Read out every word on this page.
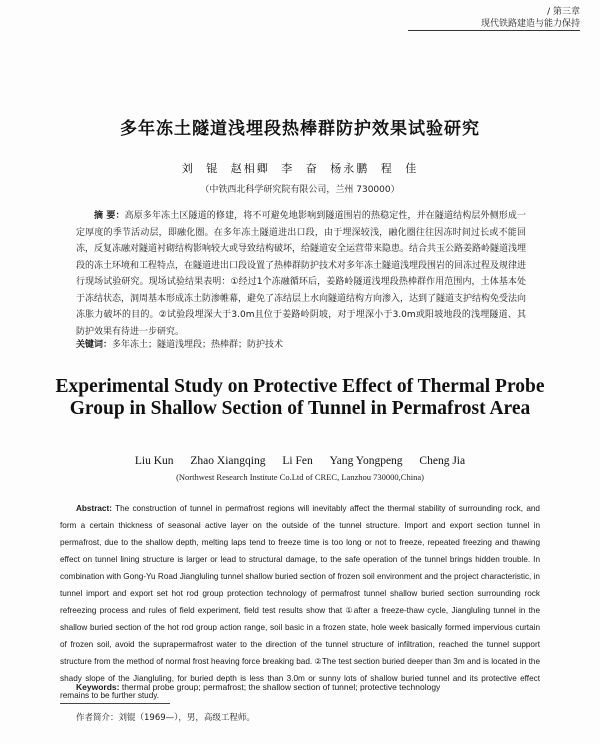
/ 第三章
现代铁路建造与能力保持
多年冻土隧道浅埋段热棒群防护效果试验研究
刘 锟 赵相卿 李 奋 杨永鹏 程 佳
（中铁西北科学研究院有限公司，兰州 730000）
摘 要：高原多年冻土区隧道的修建，将不可避免地影响到隧道围岩的热稳定性，并在隧道结构层外侧形成一定厚度的季节活动层，即融化圈。在多年冻土隧道进出口段，由于埋深较浅，融化圈往往因冻时间过长或不能回冻，反复冻融对隧道衬砌结构影响较大或导致结构破坏，给隧道安全运营带来隐患。结合共玉公路姜路岭隧道浅埋段的冻土环境和工程特点，在隧道进出口段设置了热棒群防护技术对多年冻土隧道浅埋段围岩的回冻过程及规律进行现场试验研究。现场试验结果表明：①经过1个冻融循环后，姜路岭隧道浅埋段热棒群作用范围内，土体基本处于冻结状态，洞周基本形成冻土防渗帷幕，避免了冻结层上水向隧道结构方向渗入，达到了隧道支护结构免受法向冻胀力破坏的目的。②试验段埋深大于3.0m且位于姜路岭阴坡，对于埋深小于3.0m或阳坡地段的浅埋隧道、其防护效果有待进一步研究。
关键词：多年冻土；隧道浅埋段；热棒群；防护技术
Experimental Study on Protective Effect of Thermal Probe
Group in Shallow Section of Tunnel in Permafrost Area
Liu Kun Zhao Xiangqing Li Fen Yang Yongpeng Cheng Jia
(Northwest Research Institute Co.Ltd of CREC, Lanzhou 730000,China)
Abstract: The construction of tunnel in permafrost regions will inevitably affect the thermal stability of surrounding rock, and form a certain thickness of seasonal active layer on the outside of the tunnel structure. Import and export section tunnel in permafrost, due to the shallow depth, melting laps tend to freeze time is too long or not to freeze, repeated freezing and thawing effect on tunnel lining structure is larger or lead to structural damage, to the safe operation of the tunnel brings hidden trouble. In combination with Gong-Yu Road Jiangluling tunnel shallow buried section of frozen soil environment and the project characteristic, in tunnel import and export set hot rod group protection technology of permafrost tunnel shallow buried section surrounding rock refreezing process and rules of field experiment, field test results show that ①after a freeze-thaw cycle, Jiangluling tunnel in the shallow buried section of the hot rod group action range, soil basic in a frozen state, hole week basically formed impervious curtain of frozen soil, avoid the suprapermafrost water to the direction of the tunnel structure of infiltration, reached the tunnel support structure from the method of normal frost heaving force breaking bad. ②The test section buried deeper than 3m and is located in the shady slope of the Jiangluling, for buried depth is less than 3.0m or sunny lots of shallow buried tunnel and its protective effect remains to be further study.
Keywords: thermal probe group; permafrost; the shallow section of tunnel; protective technology
作者简介：刘锟（1969—），男，高级工程师。
